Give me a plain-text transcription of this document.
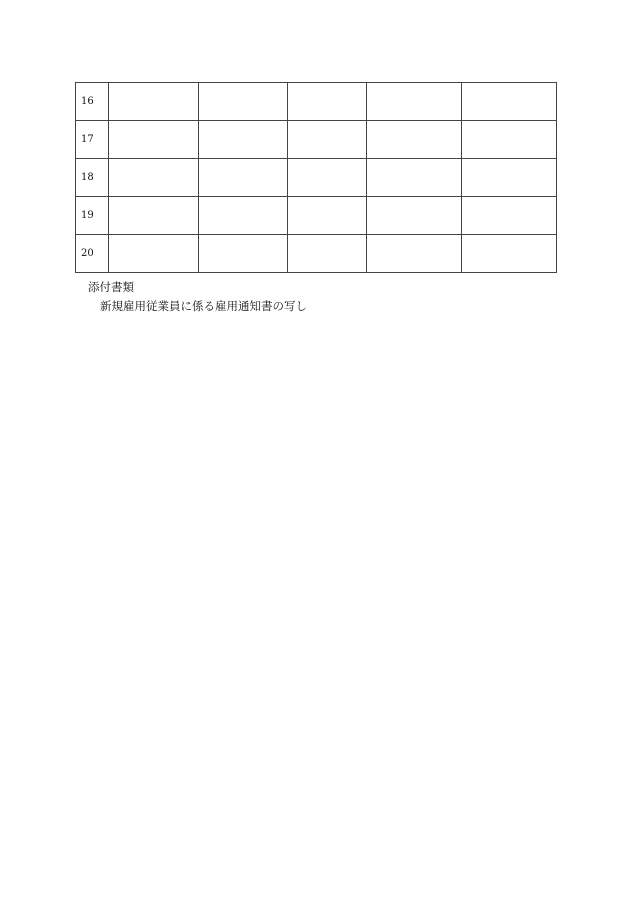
16					
17					
18					
19					
20					
添付書類
新規雇用従業員に係る雇用通知書の写し
